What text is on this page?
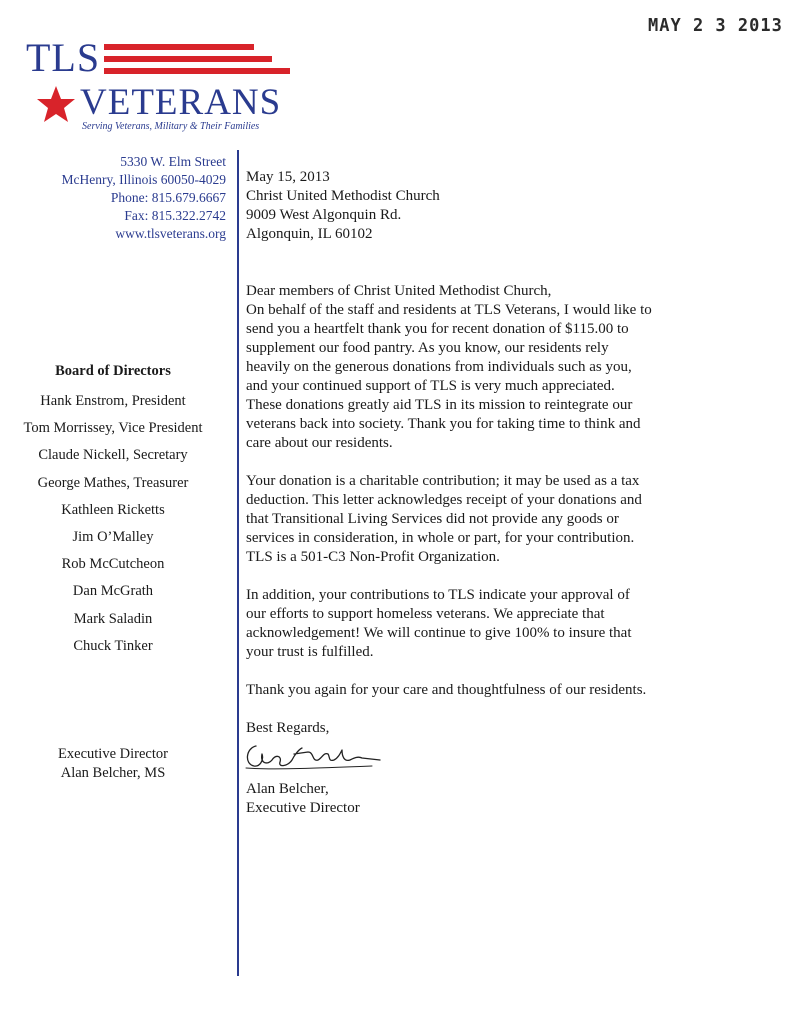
MAY 2 3 2013
TLS
VETERANS
Serving Veterans, Military & Their Families
5330 W. Elm Street
McHenry, Illinois 60050-4029
Phone: 815.679.6667
Fax: 815.322.2742
www.tlsveterans.org
Board of Directors
Hank Enstrom, President
Tom Morrissey, Vice President
Claude Nickell, Secretary
George Mathes, Treasurer
Kathleen Ricketts
Jim O’Malley
Rob McCutcheon
Dan McGrath
Mark Saladin
Chuck Tinker
Executive Director
Alan Belcher, MS

May 15, 2013

Christ United Methodist Church
9009 West Algonquin Rd.
Algonquin, IL 60102

Dear members of Christ United Methodist Church,

On behalf of the staff and residents at TLS Veterans, I would like to
send you a heartfelt thank you for recent donation of $115.00 to
supplement our food pantry. As you know, our residents rely
heavily on the generous donations from individuals such as you,
and your continued support of TLS is very much appreciated.
These donations greatly aid TLS in its mission to reintegrate our
veterans back into society. Thank you for taking time to think and
care about our residents.
Your donation is a charitable contribution; it may be used as a tax
deduction. This letter acknowledges receipt of your donations and
that Transitional Living Services did not provide any goods or
services in consideration, in whole or part, for your contribution.
TLS is a 501-C3 Non-Profit Organization.
In addition, your contributions to TLS indicate your approval of
our efforts to support homeless veterans. We appreciate that
acknowledgement! We will continue to give 100% to insure that
your trust is fulfilled.
Thank you again for your care and thoughtfulness of our residents.

Best Regards,

Alan Belcher,
Executive Director
